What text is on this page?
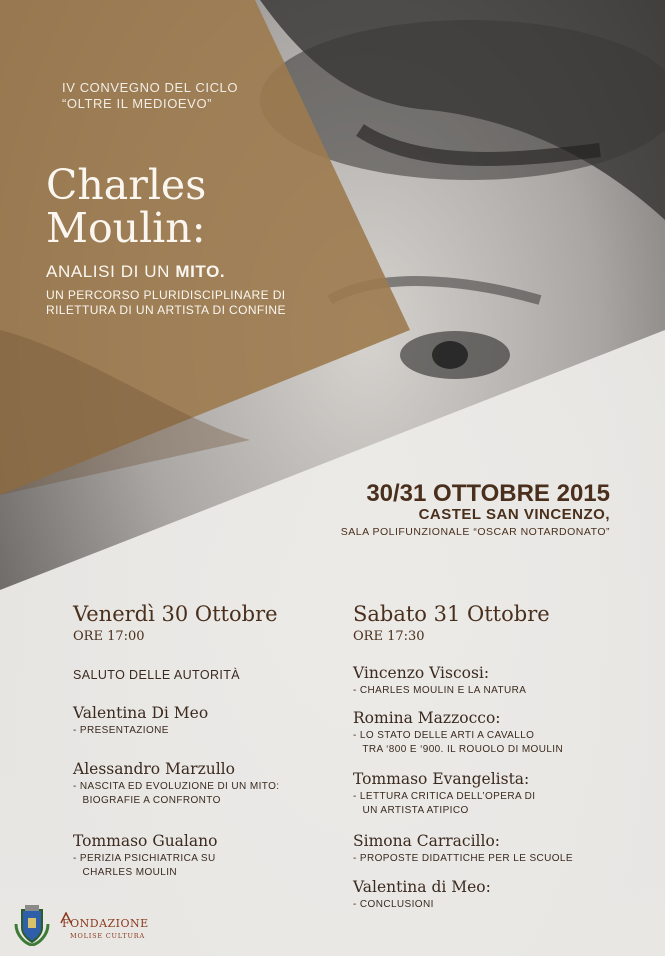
IV CONVEGNO DEL CICLO
“OLTRE IL MEDIOEVO”
Charles
Moulin:
ANALISI DI UN MITO.
UN PERCORSO PLURIDISCIPLINARE DI
RILETTURA DI UN ARTISTA DI CONFINE
30/31 OTTOBRE 2015
CASTEL SAN VINCENZO,
SALA POLIFUNZIONALE “OSCAR NOTARDONATO”
Venerdì 30 Ottobre
ORE 17:00
SALUTO DELLE AUTORITÀ
Valentina Di Meo
- PRESENTAZIONE
Alessandro Marzullo
- NASCITA ED EVOLUZIONE DI UN MITO:
BIOGRAFIE A CONFRONTO
Tommaso Gualano
- PERIZIA PSICHIATRICA SU
CHARLES MOULIN
Sabato 31 Ottobre
ORE 17:30
Vincenzo Viscosi:
- CHARLES MOULIN E LA NATURA
Romina Mazzocco:
- LO STATO DELLE ARTI A CAVALLO
TRA ‘800 E ‘900. IL ROUOLO DI MOULIN
Tommaso Evangelista:
- LETTURA CRITICA DELL’OPERA DI
UN ARTISTA ATIPICO
Simona Carracillo:
- PROPOSTE DIDATTICHE PER LE SCUOLE
Valentina di Meo:
- CONCLUSIONI
FONDAZIONE
MOLISE CULTURA
